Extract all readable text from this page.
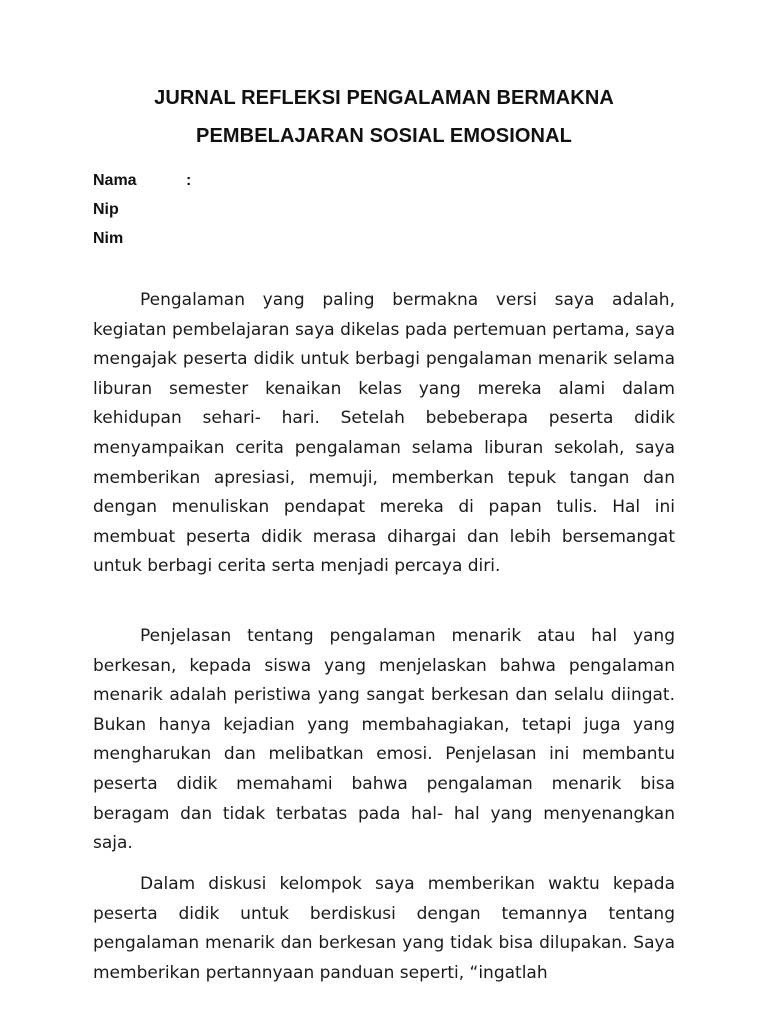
JURNAL REFLEKSI PENGALAMAN BERMAKNA
PEMBELAJARAN SOSIAL EMOSIONAL
Nama	:
Nip
Nim

Pengalaman yang paling bermakna versi saya adalah, kegiatan pembelajaran saya dikelas pada pertemuan pertama, saya mengajak peserta didik untuk berbagi pengalaman menarik selama liburan semester kenaikan kelas yang mereka alami dalam kehidupan sehari- hari. Setelah bebeberapa peserta didik menyampaikan cerita pengalaman selama liburan sekolah, saya memberikan apresiasi, memuji, memberkan tepuk tangan dan dengan menuliskan pendapat mereka di papan tulis. Hal ini membuat peserta didik merasa dihargai dan lebih bersemangat untuk berbagi cerita serta menjadi percaya diri.

Penjelasan tentang pengalaman menarik atau hal yang berkesan, kepada siswa yang menjelaskan bahwa pengalaman menarik adalah peristiwa yang sangat berkesan dan selalu diingat. Bukan hanya kejadian yang membahagiakan, tetapi juga yang mengharukan dan melibatkan emosi. Penjelasan ini membantu peserta didik memahami bahwa pengalaman menarik bisa beragam dan tidak terbatas pada hal- hal yang menyenangkan saja.

Dalam diskusi kelompok saya memberikan waktu kepada peserta didik untuk berdiskusi dengan temannya tentang pengalaman menarik dan berkesan yang tidak bisa dilupakan. Saya memberikan pertannyaan panduan seperti, “ingatlah
